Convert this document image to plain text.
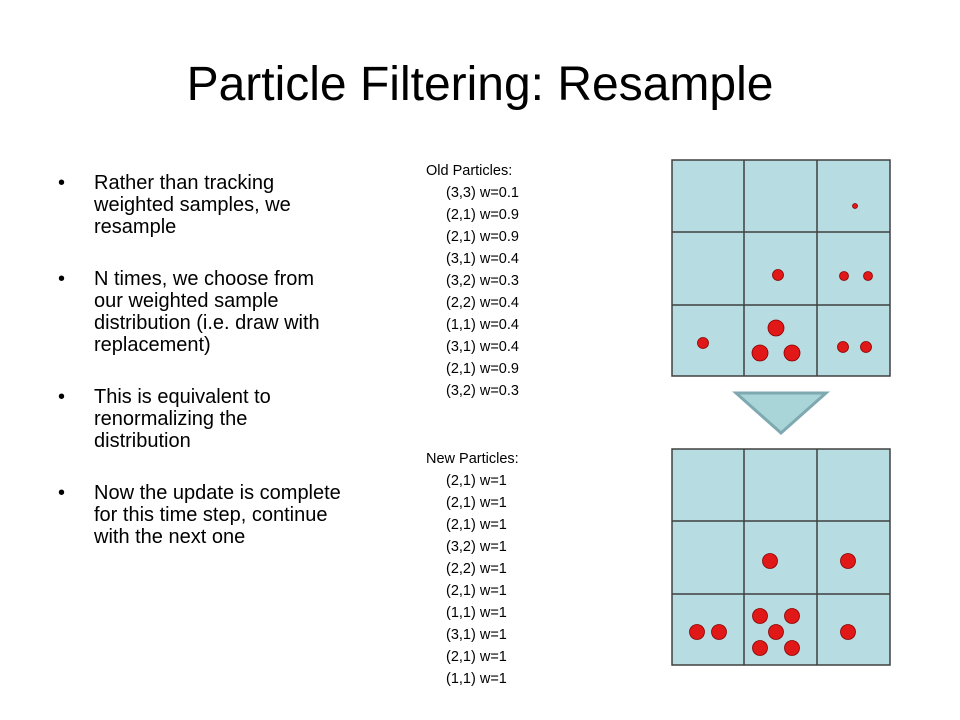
Particle Filtering: Resample
• Rather than tracking weighted samples, we resample
• N times, we choose from our weighted sample distribution (i.e. draw with replacement)
• This is equivalent to renormalizing the distribution
• Now the update is complete for this time step, continue with the next one
Old Particles:
(3,3) w=0.1
(2,1) w=0.9
(2,1) w=0.9
(3,1) w=0.4
(3,2) w=0.3
(2,2) w=0.4
(1,1) w=0.4
(3,1) w=0.4
(2,1) w=0.9
(3,2) w=0.3
New Particles:
(2,1) w=1
(2,1) w=1
(2,1) w=1
(3,2) w=1
(2,2) w=1
(2,1) w=1
(1,1) w=1
(3,1) w=1
(2,1) w=1
(1,1) w=1
